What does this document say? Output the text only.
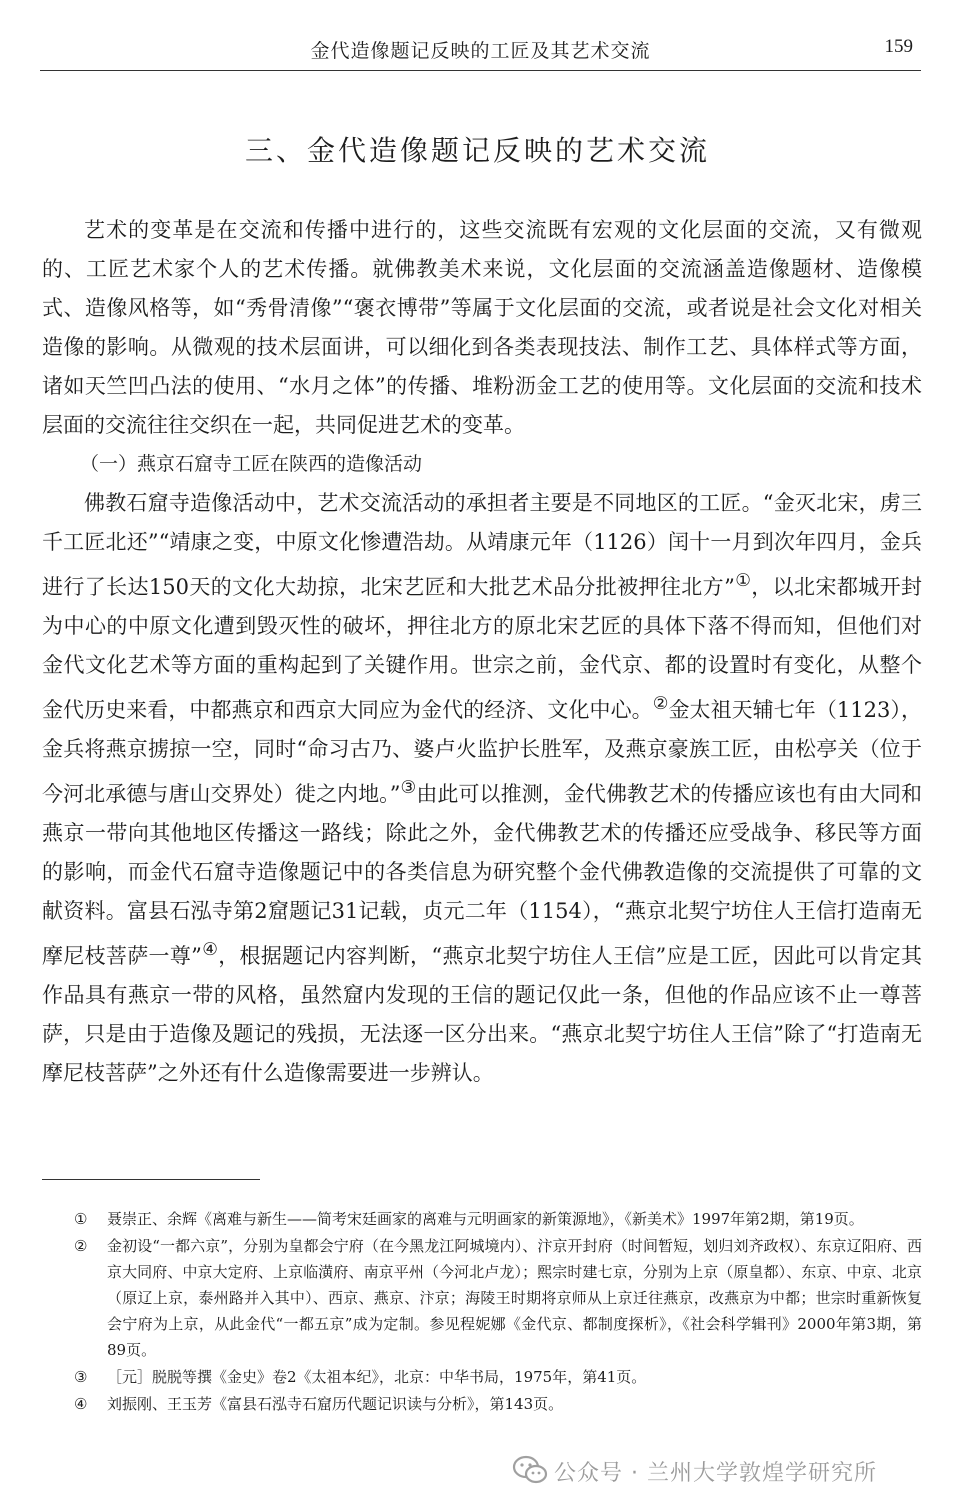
金代造像题记反映的工匠及其艺术交流	159
三、金代造像题记反映的艺术交流

艺术的变革是在交流和传播中进行的，这些交流既有宏观的文化层面的交流，又有微观的、工匠艺术家个人的艺术传播。就佛教美术来说，文化层面的交流涵盖造像题材、造像模式、造像风格等，如“秀骨清像”“褒衣博带”等属于文化层面的交流，或者说是社会文化对相关造像的影响。从微观的技术层面讲，可以细化到各类表现技法、制作工艺、具体样式等方面，诸如天竺凹凸法的使用、“水月之体”的传播、堆粉沥金工艺的使用等。文化层面的交流和技术层面的交流往往交织在一起，共同促进艺术的变革。

（一）燕京石窟寺工匠在陕西的造像活动

佛教石窟寺造像活动中，艺术交流活动的承担者主要是不同地区的工匠。“金灭北宋，虏三千工匠北还”“靖康之变，中原文化惨遭浩劫。从靖康元年（1126）闰十一月到次年四月，金兵进行了长达150天的文化大劫掠，北宋艺匠和大批艺术品分批被押往北方”①，以北宋都城开封为中心的中原文化遭到毁灭性的破坏，押往北方的原北宋艺匠的具体下落不得而知，但他们对金代文化艺术等方面的重构起到了关键作用。世宗之前，金代京、都的设置时有变化，从整个金代历史来看，中都燕京和西京大同应为金代的经济、文化中心。②金太祖天辅七年（1123），金兵将燕京掳掠一空，同时“命习古乃、婆卢火监护长胜军，及燕京豪族工匠，由松亭关（位于今河北承德与唐山交界处）徙之内地。”③由此可以推测，金代佛教艺术的传播应该也有由大同和燕京一带向其他地区传播这一路线；除此之外，金代佛教艺术的传播还应受战争、移民等方面的影响，而金代石窟寺造像题记中的各类信息为研究整个金代佛教造像的交流提供了可靠的文献资料。富县石泓寺第2窟题记31记载，贞元二年（1154），“燕京北契宁坊住人王信打造南无摩尼枝菩萨一尊”④，根据题记内容判断，“燕京北契宁坊住人王信”应是工匠，因此可以肯定其作品具有燕京一带的风格，虽然窟内发现的王信的题记仅此一条，但他的作品应该不止一尊菩萨，只是由于造像及题记的残损，无法逐一区分出来。“燕京北契宁坊住人王信”除了“打造南无摩尼枝菩萨”之外还有什么造像需要进一步辨认。

① 聂崇正、余辉《离难与新生——简考宋廷画家的离难与元明画家的新策源地》，《新美术》1997年第2期，第19页。
② 金初设“一都六京”，分别为皇都会宁府（在今黑龙江阿城境内）、汴京开封府（时间暂短，划归刘齐政权）、东京辽阳府、西京大同府、中京大定府、上京临潢府、南京平州（今河北卢龙）；熙宗时建七京，分别为上京（原皇都）、东京、中京、北京（原辽上京，泰州路并入其中）、西京、燕京、汴京；海陵王时期将京师从上京迁往燕京，改燕京为中都；世宗时重新恢复会宁府为上京，从此金代“一都五京”成为定制。参见程妮娜《金代京、都制度探析》，《社会科学辑刊》2000年第3期，第89页。
③ ［元］脱脱等撰《金史》卷2《太祖本纪》，北京：中华书局，1975年，第41页。
④ 刘振刚、王玉芳《富县石泓寺石窟历代题记识读与分析》，第143页。
公众号 · 兰州大学敦煌学研究所
